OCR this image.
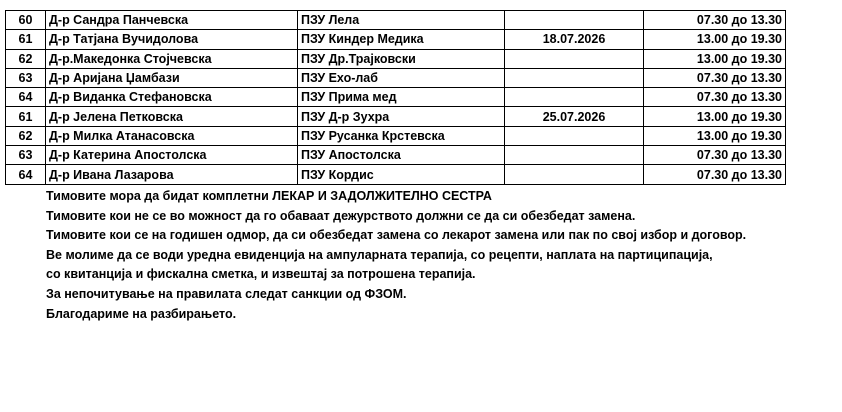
60	Д-р Сандра Панчевска	ПЗУ Лела		07.30 до 13.30
61	Д-р Татјана Вучидолова	ПЗУ Киндер Медика	18.07.2026	13.00 до 19.30
62	Д-р.Македонка Стојчевска	ПЗУ Др.Трајковски		13.00 до 19.30
63	Д-р Аријана Џамбази	ПЗУ Ехо-лаб		07.30 до 13.30
64	Д-р Виданка Стефановска	ПЗУ Прима мед		07.30 до 13.30
61	Д-р Јелена Петковска	ПЗУ Д-р Зухра	25.07.2026	13.00 до 19.30
62	Д-р Милка Атанасовска	ПЗУ Русанка Крстевска		13.00 до 19.30
63	Д-р Катерина Апостолска	ПЗУ Апостолска		07.30 до 13.30
64	Д-р Ивана Лазарова	ПЗУ Кордис		07.30 до 13.30
Тимовите мора да бидат комплетни ЛЕКАР И ЗАДОЛЖИТЕЛНО СЕСТРА
Тимовите кои не се во можност да го обаваат дежурството должни се да си обезбедат замена.
Тимовите кои се на годишен одмор, да си обезбедат замена со лекарот замена или пак по свој избор и договор.
Ве молиме да се води уредна евиденција на ампуларната терапија, со рецепти, наплата на партиципација,
со квитанција и фискална сметка, и извештај за потрошена терапија.
За непочитување на правилата следат санкции од ФЗОМ.
Благодариме на разбирањето.
